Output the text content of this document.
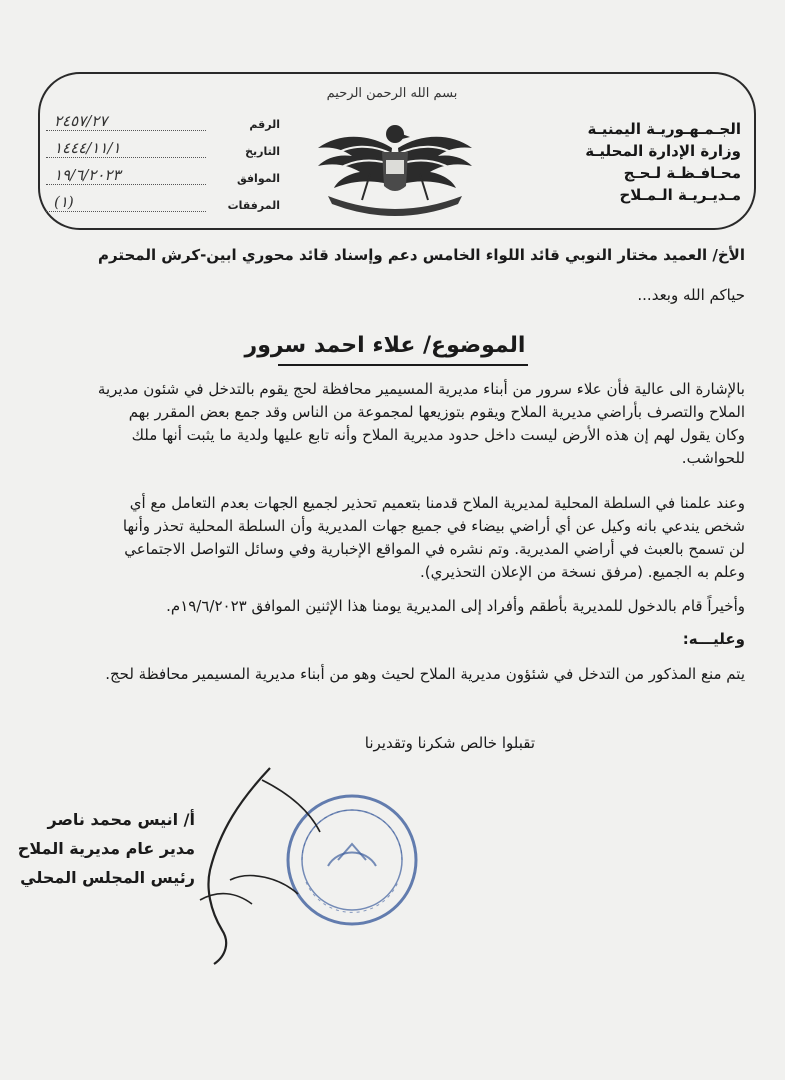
الجـمـهـوريـة اليمنيـة
وزارة الإدارة المحليـة
محـافـظـة لـحـج
مـديـريـة الـمـلاح
بسم الله الرحمن الرحيم
الرقم
٢٤٥٧/٢٧
التاريخ
١٤٤٤/١١/١
الموافق
١٩/٦/٢٠٢٣
المرفقات
(١)
الأخ/ العميد مختار النوبي قائد اللواء الخامس دعم وإسناد قائد محوري ابين-كرش المحترم
حياكم الله وبعد...
الموضوع/ علاء احمد سرور
بالإشارة الى عالية فأن علاء سرور من أبناء مديرية المسيمير محافظة لحج يقوم بالتدخل في شئون مديرية
الملاح والتصرف بأراضي مديرية الملاح ويقوم بتوزيعها لمجموعة من الناس وقد جمع بعض المقرر بهم
وكان يقول لهم إن هذه الأرض ليست داخل حدود مديرية الملاح وأنه تابع عليها ولدية ما يثبت أنها ملك
للحواشب.
وعند علمنا في السلطة المحلية لمديرية الملاح قدمنا بتعميم تحذير لجميع الجهات بعدم التعامل مع أي
شخص يندعي بانه وكيل عن أي أراضي بيضاء في جميع جهات المديرية وأن السلطة المحلية تحذر وأنها
لن تسمح بالعبث في أراضي المديرية. وتم نشره في المواقع الإخبارية وفي وسائل التواصل الاجتماعي
وعلم به الجميع. (مرفق نسخة من الإعلان التحذيري).
وأخيراً قام بالدخول للمديرية بأطقم وأفراد إلى المديرية يومنا هذا الإثنين الموافق ١٩/٦/٢٠٢٣م.
وعليـــه:
يتم منع المذكور من التدخل في شئؤون مديرية الملاح لحيث وهو من أبناء مديرية المسيمير محافظة لحج.
تقبلوا خالص شكرنا وتقديرنا
أ/ انيس محمد ناصر
مدير عام مديرية الملاح
رئيس المجلس المحلي
